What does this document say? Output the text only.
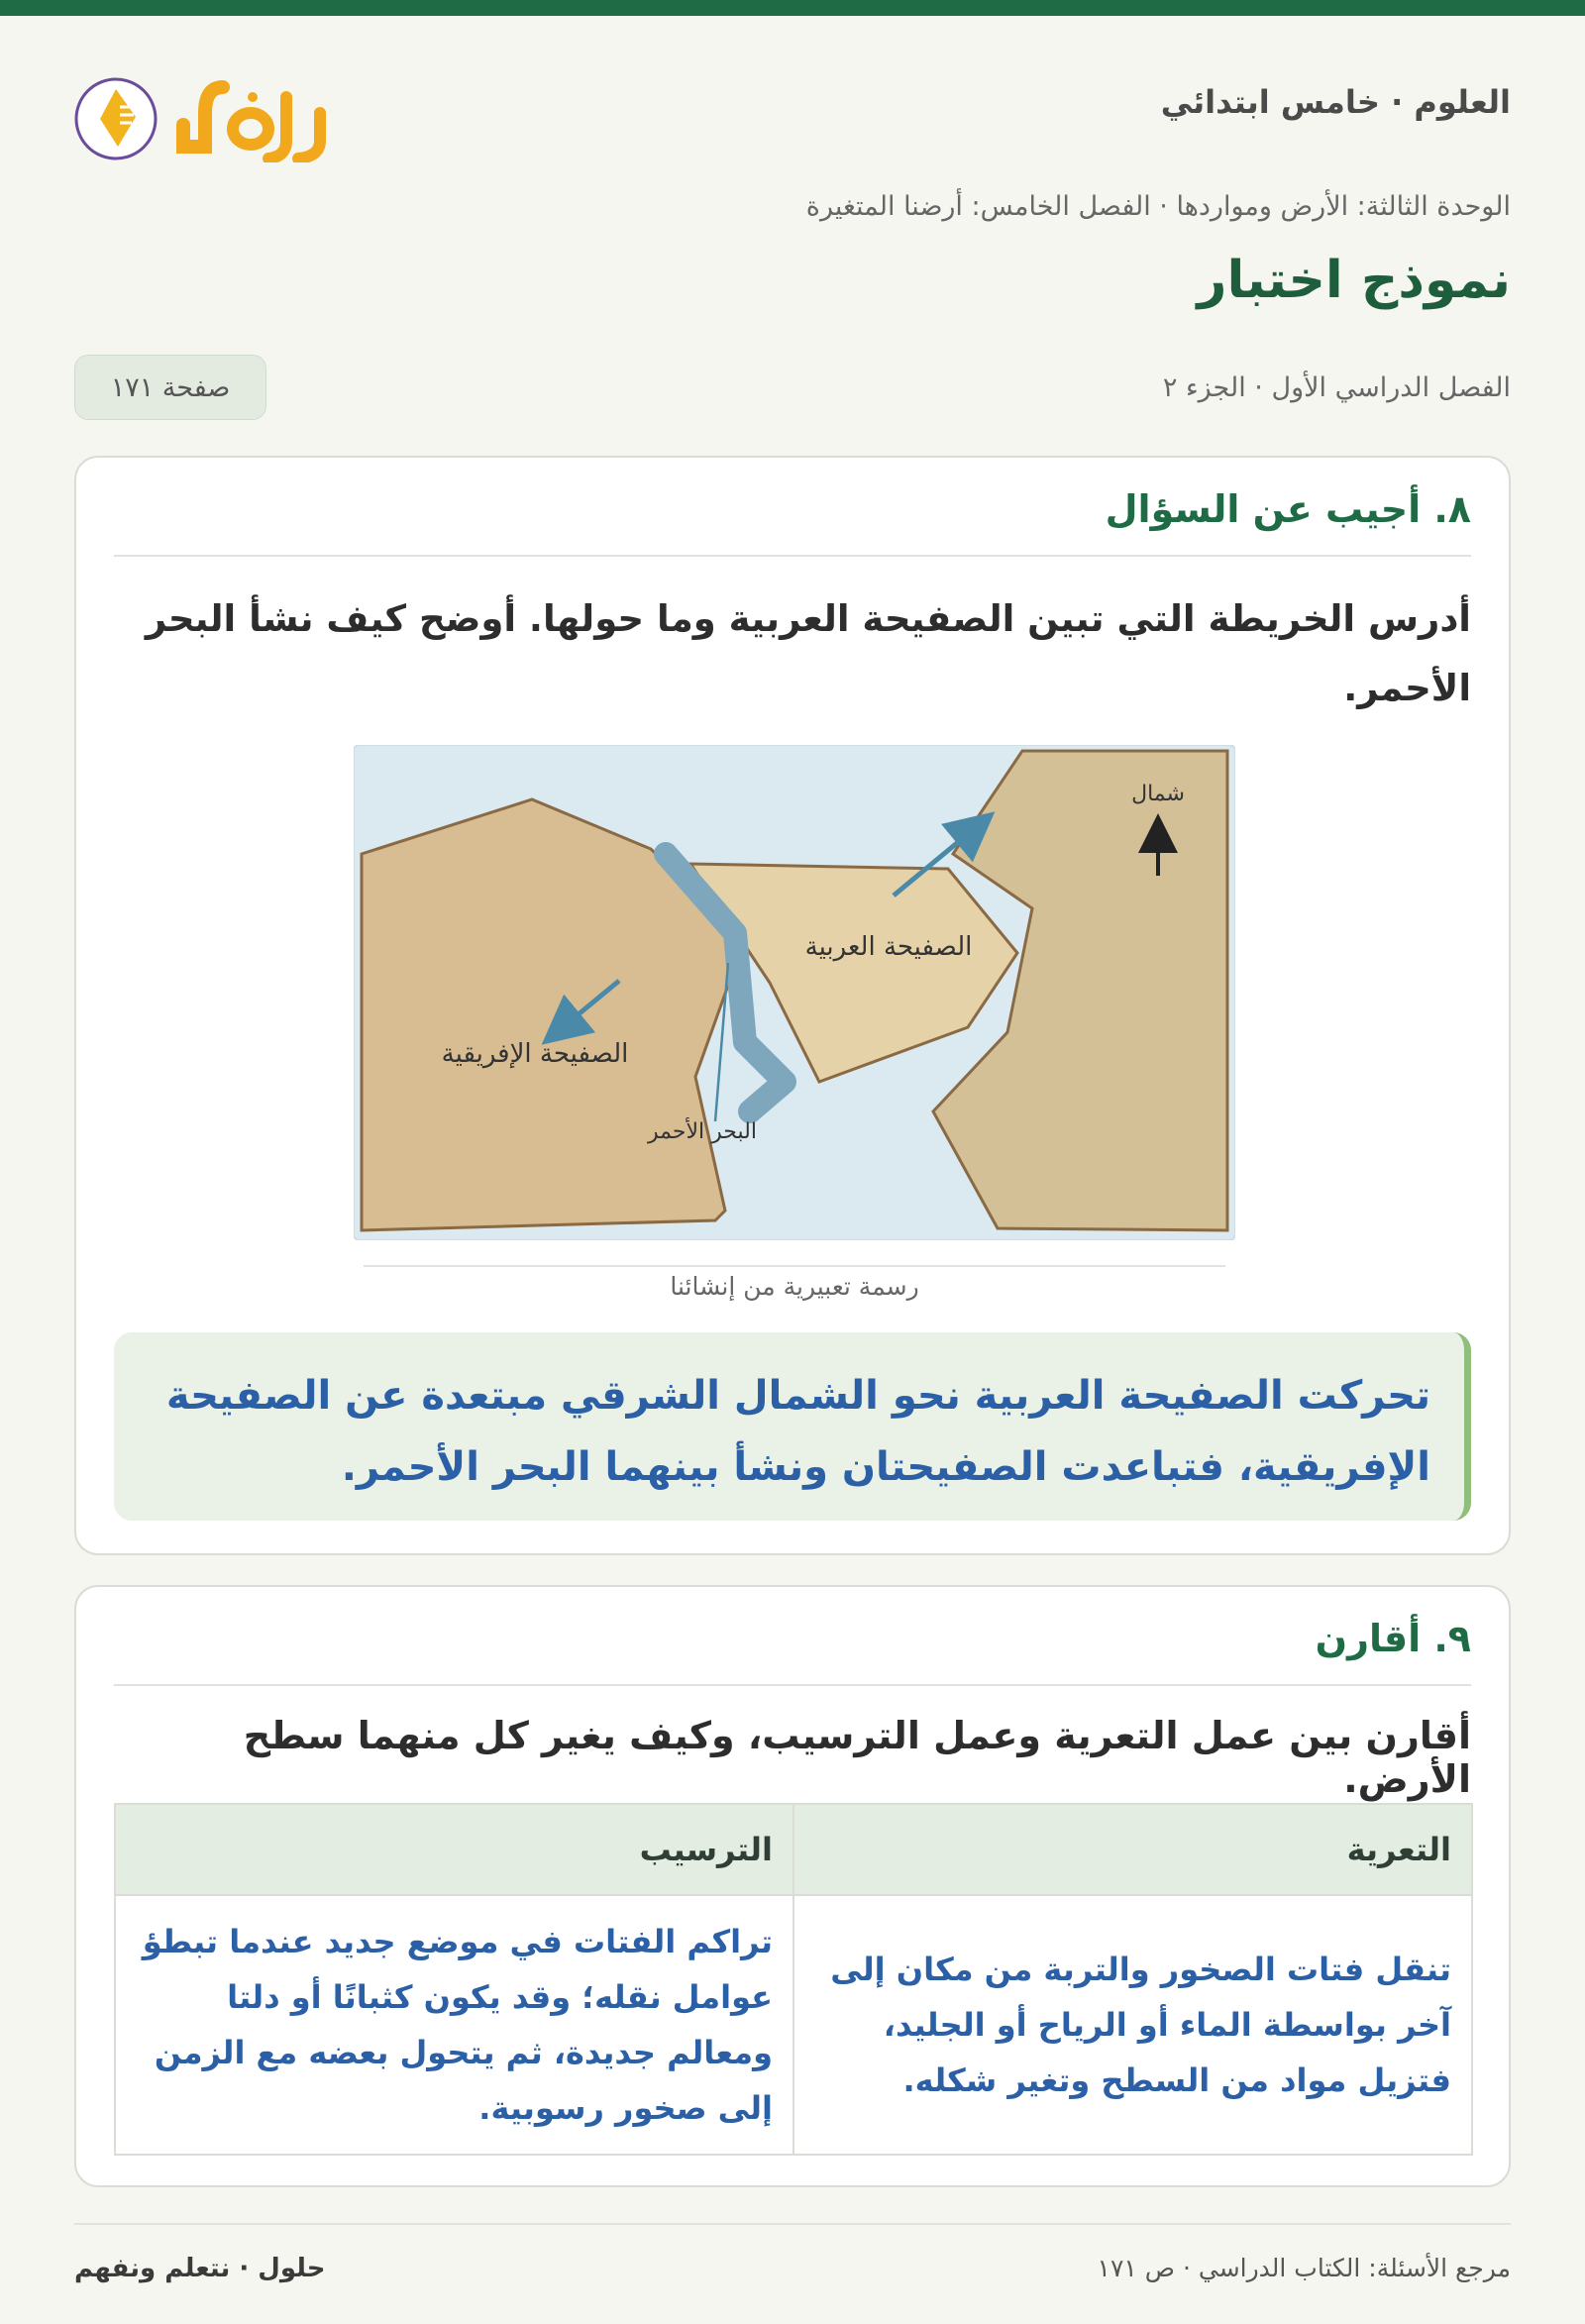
العلوم · خامس ابتدائي
الوحدة الثالثة: الأرض ومواردها · الفصل الخامس: أرضنا المتغيرة
نموذج اختبار
الفصل الدراسي الأول · الجزء ٢
صفحة ١٧١
٨. أجيب عن السؤال
أدرس الخريطة التي تبين الصفيحة العربية وما حولها. أوضح كيف نشأ البحر الأحمر.
شمال
الصفيحة العربية
الصفيحة الإفريقية
البحر الأحمر
رسمة تعبيرية من إنشائنا
تحركت الصفيحة العربية نحو الشمال الشرقي مبتعدة عن الصفيحة الإفريقية، فتباعدت الصفيحتان ونشأ بينهما البحر الأحمر.
٩. أقارن
أقارن بين عمل التعرية وعمل الترسيب، وكيف يغير كل منهما سطح الأرض.
التعرية	الترسيب
تنقل فتات الصخور والتربة من مكان إلى آخر بواسطة الماء أو الرياح أو الجليد، فتزيل مواد من السطح وتغير شكله.	تراكم الفتات في موضع جديد عندما تبطؤ عوامل نقله؛ وقد يكون كثبانًا أو دلتا ومعالم جديدة، ثم يتحول بعضه مع الزمن إلى صخور رسوبية.
مرجع الأسئلة: الكتاب الدراسي · ص ١٧١
حلول · نتعلم ونفهم
